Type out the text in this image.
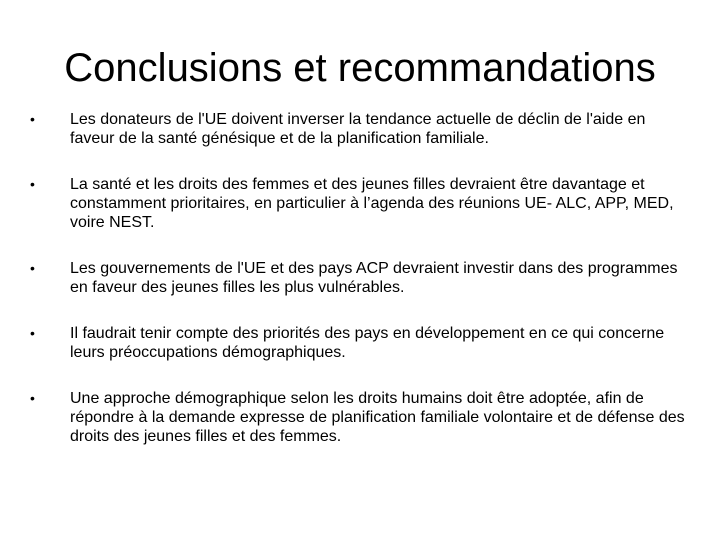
Conclusions et recommandations
•	Les donateurs de l'UE doivent inverser la tendance actuelle de déclin de l'aide en faveur de la santé génésique et de la planification familiale.
•	La santé et les droits des femmes et des jeunes filles devraient être davantage et constamment prioritaires, en particulier à l’agenda des réunions UE- ALC, APP, MED, voire NEST.
•	Les gouvernements de l'UE et des pays ACP devraient investir dans des programmes en faveur des jeunes filles les plus vulnérables.
•	Il faudrait tenir compte des priorités des pays en développement en ce qui concerne leurs préoccupations démographiques.
•	Une approche démographique selon les droits humains doit être adoptée, afin de répondre à la demande expresse de planification familiale volontaire et de défense des droits des jeunes filles et des femmes.
